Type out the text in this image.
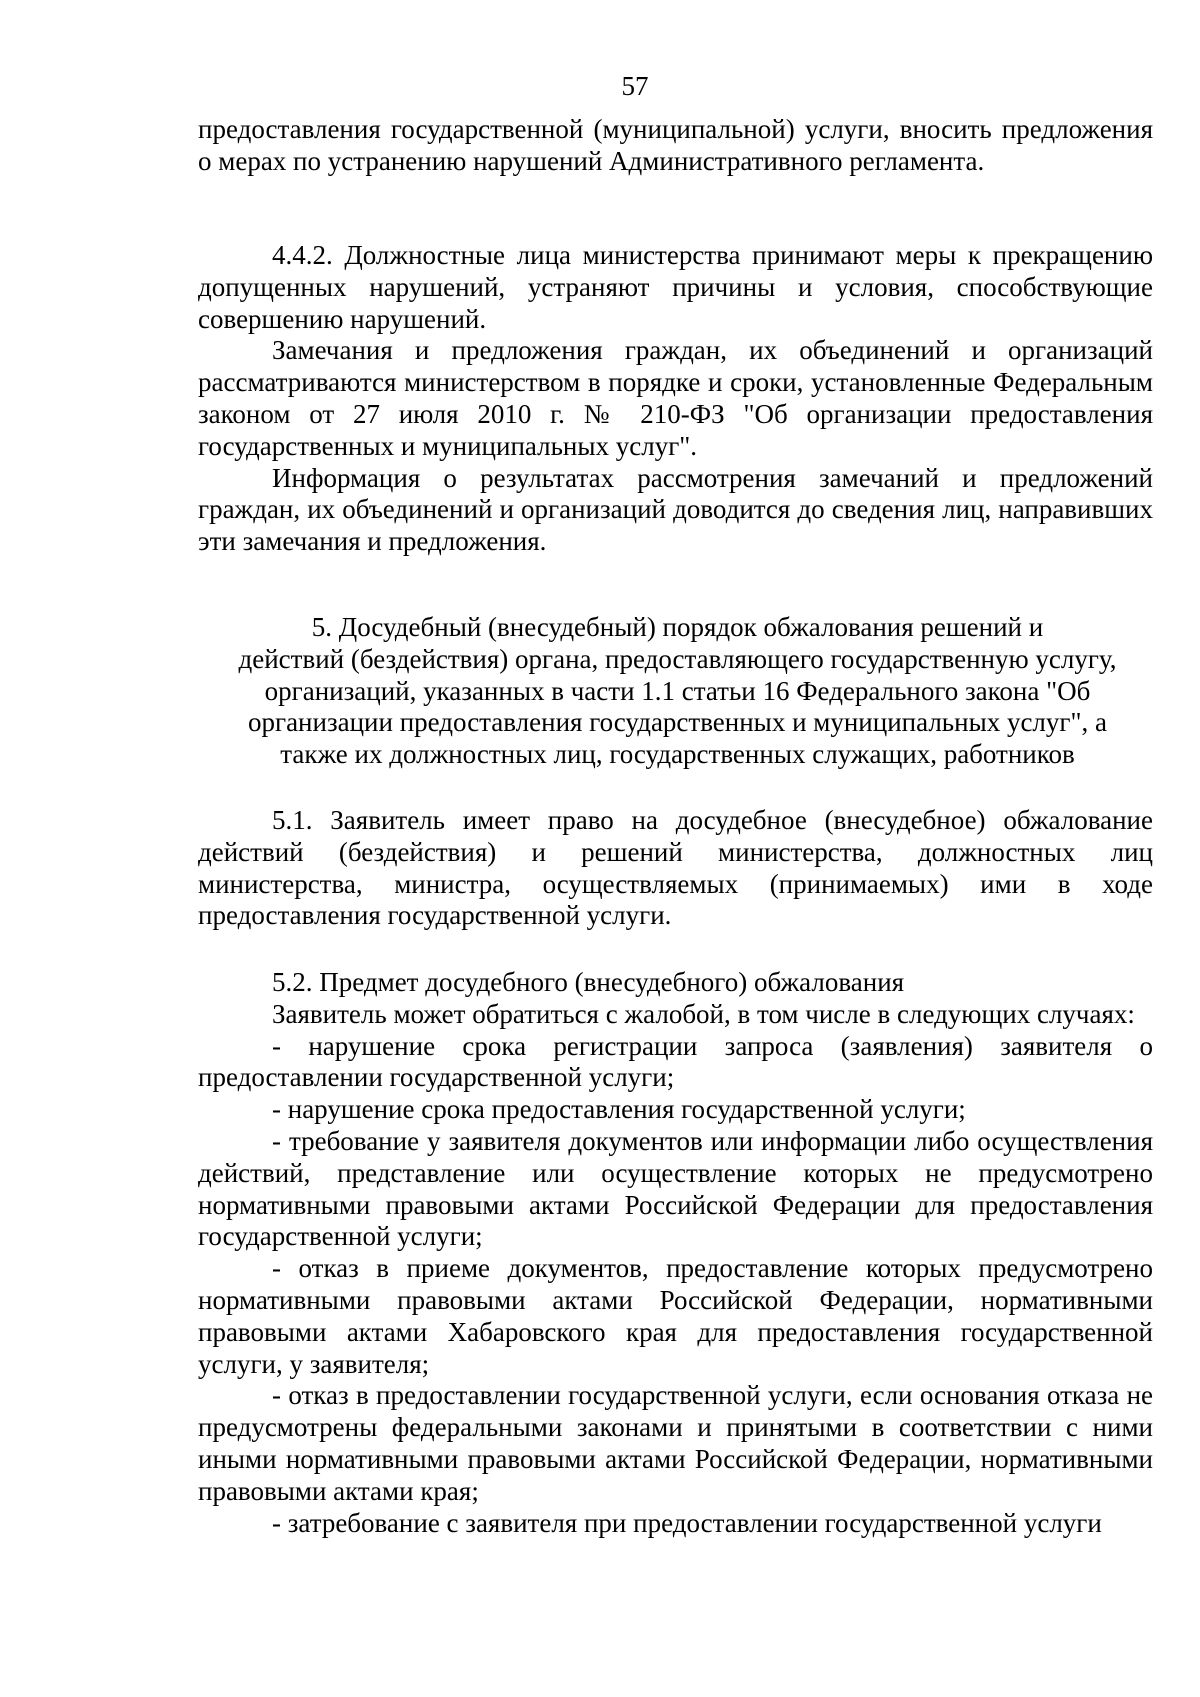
57

предоставления государственной (муниципальной) услуги, вносить предложения о мерах по устранению нарушений Административного регламента.

4.4.2. Должностные лица министерства принимают меры к прекращению допущенных нарушений, устраняют причины и условия, способствующие совершению нарушений.

Замечания и предложения граждан, их объединений и организаций рассматриваются министерством в порядке и сроки, установленные Федеральным законом от 27 июля 2010 г. № 210-ФЗ "Об организации предоставления государственных и муниципальных услуг".

Информация о результатах рассмотрения замечаний и предложений граждан, их объединений и организаций доводится до сведения лиц, направивших эти замечания и предложения.

5. Досудебный (внесудебный) порядок обжалования решений и

действий (бездействия) органа, предоставляющего государственную услугу,

организаций, указанных в части 1.1 статьи 16 Федерального закона "Об

организации предоставления государственных и муниципальных услуг", а

также их должностных лиц, государственных служащих, работников

5.1. Заявитель имеет право на досудебное (внесудебное) обжалование действий (бездействия) и решений министерства, должностных лиц министерства, министра, осуществляемых (принимаемых) ими в ходе предоставления государственной услуги.

5.2. Предмет досудебного (внесудебного) обжалования

Заявитель может обратиться с жалобой, в том числе в следующих случаях:

- нарушение срока регистрации запроса (заявления) заявителя о предоставлении государственной услуги;

- нарушение срока предоставления государственной услуги;

- требование у заявителя документов или информации либо осуществления действий, представление или осуществление которых не предусмотрено нормативными правовыми актами Российской Федерации для предоставления государственной услуги;

- отказ в приеме документов, предоставление которых предусмотрено нормативными правовыми актами Российской Федерации, нормативными правовыми актами Хабаровского края для предоставления государственной услуги, у заявителя;

- отказ в предоставлении государственной услуги, если основания отказа не предусмотрены федеральными законами и принятыми в соответствии с ними иными нормативными правовыми актами Российской Федерации, нормативными правовыми актами края;

- затребование с заявителя при предоставлении государственной услуги
